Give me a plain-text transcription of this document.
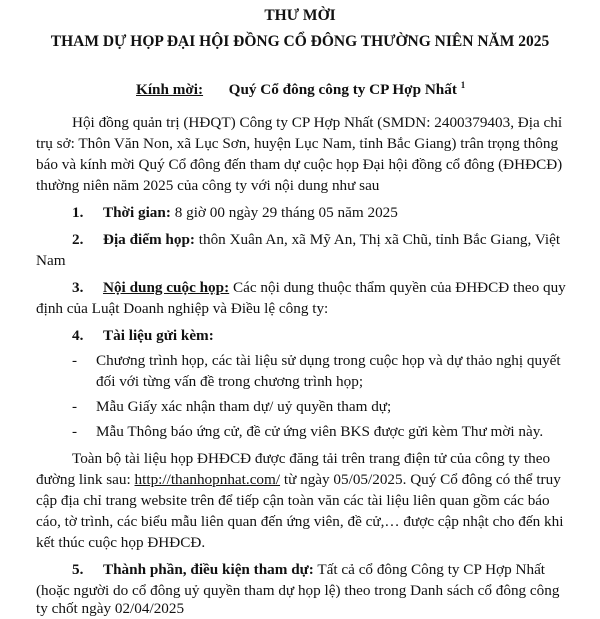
THƯ MỜI
THAM DỰ HỌP ĐẠI HỘI ĐỒNG CỔ ĐÔNG THƯỜNG NIÊN NĂM 2025
Kính mời: Quý Cổ đông công ty CP Hợp Nhất $^1$
Hội đồng quản trị (HĐQT) Công ty CP Hợp Nhất (SMDN: 2400379403, Địa chỉ
trụ sở: Thôn Văn Non, xã Lục Sơn, huyện Lục Nam, tỉnh Bắc Giang) trân trọng thông
báo và kính mời Quý Cổ đông đến tham dự cuộc họp Đại hội đồng cổ đông (ĐHĐCĐ)
thường niên năm 2025 của công ty với nội dung như sau
1. Thời gian: 8 giờ 00 ngày 29 tháng 05 năm 2025
2. Địa điểm họp: thôn Xuân An, xã Mỹ An, Thị xã Chũ, tỉnh Bắc Giang, Việt
Nam
3. Nội dung cuộc họp: Các nội dung thuộc thẩm quyền của ĐHĐCĐ theo quy
định của Luật Doanh nghiệp và Điều lệ công ty:
4. Tài liệu gửi kèm:
- Chương trình họp, các tài liệu sử dụng trong cuộc họp và dự thảo nghị quyết
đối với từng vấn đề trong chương trình họp;
- Mẫu Giấy xác nhận tham dự/ uỷ quyền tham dự;
- Mẫu Thông báo ứng cử, đề cử ứng viên BKS được gửi kèm Thư mời này.
Toàn bộ tài liệu họp ĐHĐCĐ được đăng tải trên trang điện tử của công ty theo
đường link sau: http://thanhopnhat.com/ từ ngày 05/05/2025. Quý Cổ đông có thể truy
cập địa chỉ trang website trên để tiếp cận toàn văn các tài liệu liên quan gồm các báo
cáo, tờ trình, các biểu mẫu liên quan đến ứng viên, đề cử,… được cập nhật cho đến khi
kết thúc cuộc họp ĐHĐCĐ.
5. Thành phần, điều kiện tham dự: Tất cả cổ đông Công ty CP Hợp Nhất
(hoặc người do cổ đông uỷ quyền tham dự họp lệ) theo trong Danh sách cổ đông công
ty chốt ngày 02/04/2025
